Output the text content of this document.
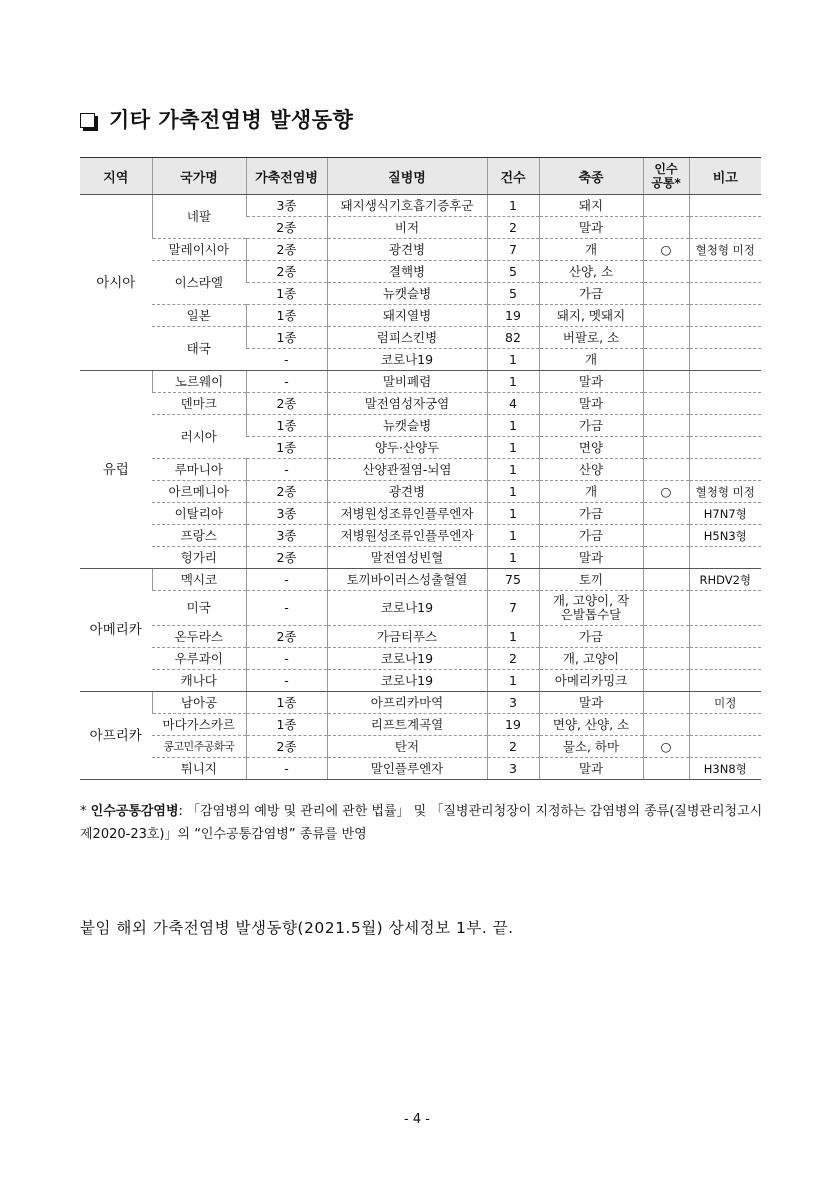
기타 가축전염병 발생동향
지역	국가명	가축전염병	질병명	건수	축종	인수공통*	비고
아시아	네팔	3종	돼지생식기호흡기증후군	1	돼지		
		2종	비저	2	말과		
	말레이시아	2종	광견병	7	개	○	혈청형 미정
	이스라엘	2종	결핵병	5	산양, 소		
		1종	뉴캣슬병	5	가금		
	일본	1종	돼지열병	19	돼지, 멧돼지		
	태국	1종	럼피스킨병	82	버팔로, 소		
		-	코로나19	1	개		
유럽	노르웨이	-	말비폐렴	1	말과		
	덴마크	2종	말전염성자궁염	4	말과		
	러시아	1종	뉴캣슬병	1	가금		
		1종	양두·산양두	1	면양		
	루마니아	-	산양관절염-뇌염	1	산양		
	아르메니아	2종	광견병	1	개	○	혈청형 미정
	이탈리아	3종	저병원성조류인플루엔자	1	가금		H7N7형
	프랑스	3종	저병원성조류인플루엔자	1	가금		H5N3형
	헝가리	2종	말전염성빈혈	1	말과		
아메리카	멕시코	-	토끼바이러스성출혈열	75	토끼		RHDV2형
	미국	-	코로나19	7	개, 고양이, 작은발톱수달		
	온두라스	2종	가금티푸스	1	가금		
	우루과이	-	코로나19	2	개, 고양이		
	캐나다	-	코로나19	1	아메리카밍크		
아프리카	남아공	1종	아프리카마역	3	말과		미정
	마다가스카르	1종	리프트계곡열	19	면양, 산양, 소		
	콩고민주공화국	2종	탄저	2	물소, 하마	○	
	튀니지	-	말인플루엔자	3	말과		H3N8형
* 인수공통감염병: 「감염병의 예방 및 관리에 관한 법률」 및 「질병관리청장이 지정하는 감염병의 종류(질병관리청고시 제2020-23호)」의 “인수공통감염병” 종류를 반영
붙임 해외 가축전염병 발생동향(2021.5월) 상세정보 1부. 끝.
- 4 -
